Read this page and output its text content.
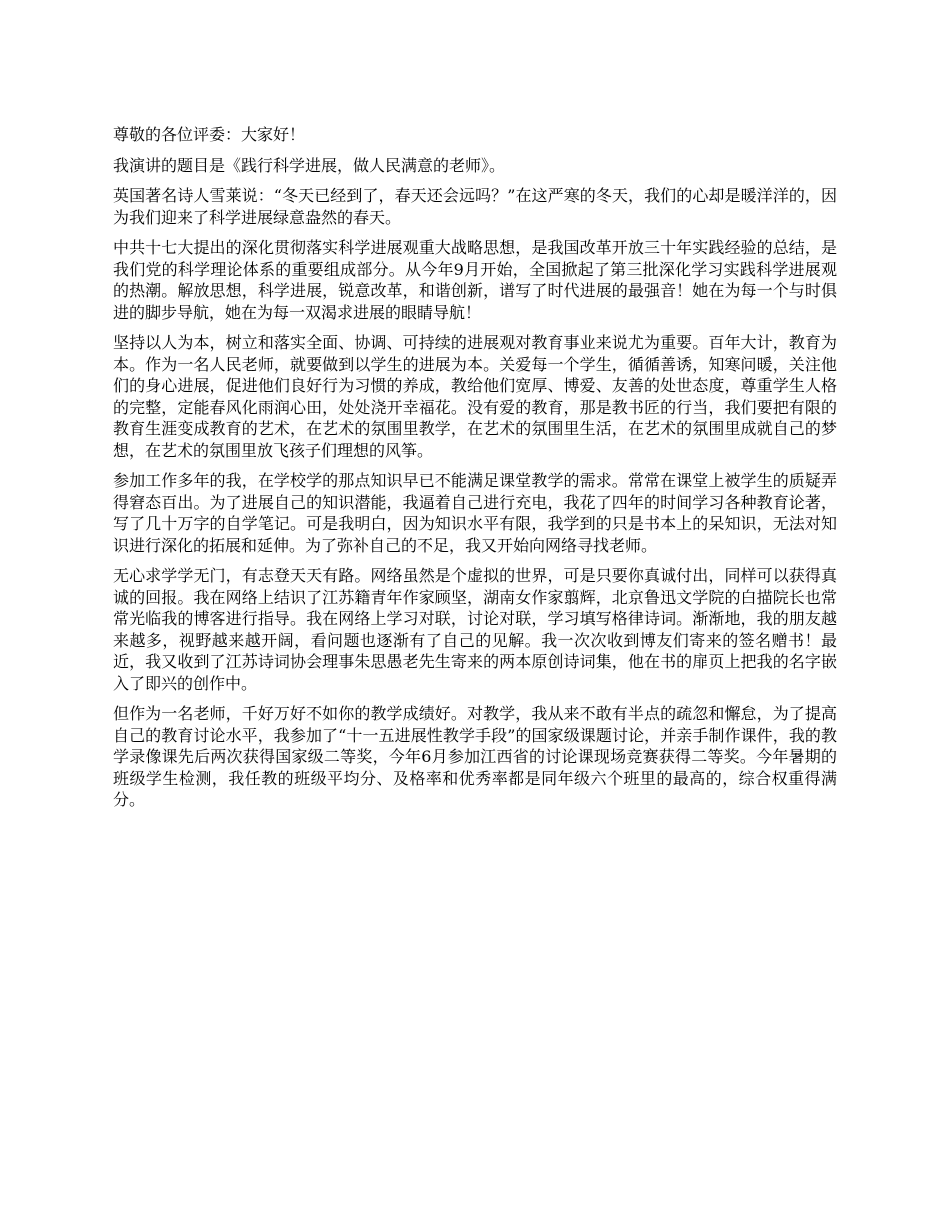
尊敬的各位评委：大家好！

我演讲的题目是《践行科学进展，做人民满意的老师》。

英国著名诗人雪莱说：“冬天已经到了，春天还会远吗？”在这严寒的冬天，我们的心却是暖洋洋的，因为我们迎来了科学进展绿意盎然的春天。

中共十七大提出的深化贯彻落实科学进展观重大战略思想，是我国改革开放三十年实践经验的总结，是我们党的科学理论体系的重要组成部分。从今年9月开始，全国掀起了第三批深化学习实践科学进展观的热潮。解放思想，科学进展，锐意改革，和谐创新，谱写了时代进展的最强音！她在为每一个与时俱进的脚步导航，她在为每一双渴求进展的眼睛导航！

坚持以人为本，树立和落实全面、协调、可持续的进展观对教育事业来说尤为重要。百年大计，教育为本。作为一名人民老师，就要做到以学生的进展为本。关爱每一个学生，循循善诱，知寒问暖，关注他们的身心进展，促进他们良好行为习惯的养成，教给他们宽厚、博爱、友善的处世态度，尊重学生人格的完整，定能春风化雨润心田，处处浇开幸福花。没有爱的教育，那是教书匠的行当，我们要把有限的教育生涯变成教育的艺术，在艺术的氛围里教学，在艺术的氛围里生活，在艺术的氛围里成就自己的梦想，在艺术的氛围里放飞孩子们理想的风筝。

参加工作多年的我，在学校学的那点知识早已不能满足课堂教学的需求。常常在课堂上被学生的质疑弄得窘态百出。为了进展自己的知识潜能，我逼着自己进行充电，我花了四年的时间学习各种教育论著，写了几十万字的自学笔记。可是我明白，因为知识水平有限，我学到的只是书本上的呆知识，无法对知识进行深化的拓展和延伸。为了弥补自己的不足，我又开始向网络寻找老师。

无心求学学无门，有志登天天有路。网络虽然是个虚拟的世界，可是只要你真诚付出，同样可以获得真诚的回报。我在网络上结识了江苏籍青年作家顾坚，湖南女作家翦辉，北京鲁迅文学院的白描院长也常常光临我的博客进行指导。我在网络上学习对联，讨论对联，学习填写格律诗词。渐渐地，我的朋友越来越多，视野越来越开阔，看问题也逐渐有了自己的见解。我一次次收到博友们寄来的签名赠书！最近，我又收到了江苏诗词协会理事朱思愚老先生寄来的两本原创诗词集，他在书的扉页上把我的名字嵌入了即兴的创作中。

但作为一名老师，千好万好不如你的教学成绩好。对教学，我从来不敢有半点的疏忽和懈怠，为了提高自己的教育讨论水平，我参加了“十一五进展性教学手段”的国家级课题讨论，并亲手制作课件，我的教学录像课先后两次获得国家级二等奖，今年6月参加江西省的讨论课现场竞赛获得二等奖。今年暑期的班级学生检测，我任教的班级平均分、及格率和优秀率都是同年级六个班里的最高的，综合权重得满分。
